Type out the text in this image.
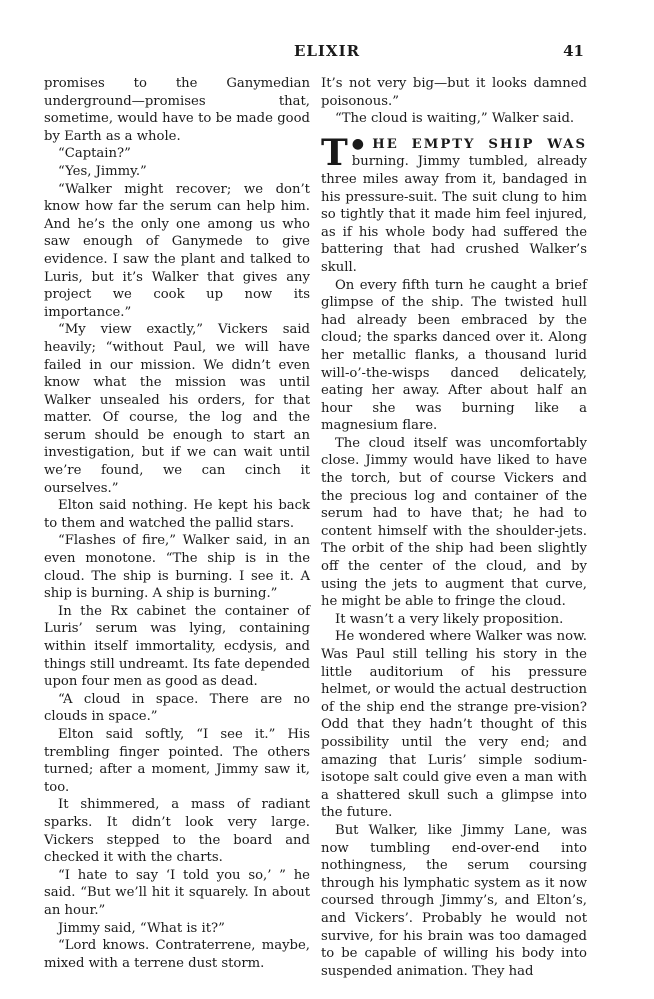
ELIXIR	41

promises to the Ganymedian underground—promises that, sometime, would have to be made good by Earth as a whole.

“Captain?”

“Yes, Jimmy.”

“Walker might recover; we don’t know how far the serum can help him. And he’s the only one among us who saw enough of Ganymede to give evidence. I saw the plant and talked to Luris, but it’s Walker that gives any project we cook up now its importance.”

“My view exactly,” Vickers said heavily; “without Paul, we will have failed in our mission. We didn’t even know what the mission was until Walker unsealed his orders, for that matter. Of course, the log and the serum should be enough to start an investigation, but if we can wait until we’re found, we can cinch it ourselves.”

Elton said nothing. He kept his back to them and watched the pallid stars.

“Flashes of fire,” Walker said, in an even monotone. “The ship is in the cloud. The ship is burning. I see it. A ship is burning. A ship is burning.”

In the Rx cabinet the container of Luris’ serum was lying, containing within itself immortality, ecdysis, and things still undreamt. Its fate depended upon four men as good as dead.

“A cloud in space. There are no clouds in space.”

Elton said softly, “I see it.” His trembling finger pointed. The others turned; after a moment, Jimmy saw it, too.

It shimmered, a mass of radiant sparks. It didn’t look very large. Vickers stepped to the board and checked it with the charts.

“I hate to say ‘I told you so,’ ” he said. “But we’ll hit it squarely. In about an hour.”

Jimmy said, “What is it?”

“Lord knows. Contraterrene, maybe, mixed with a terrene dust storm.

It’s not very big—but it looks damned poisonous.”

“The cloud is waiting,” Walker said.

●
T HE EMPTY SHIP WAS burning. Jimmy tumbled, already three miles away from it, bandaged in his pressure-suit. The suit clung to him so tightly that it made him feel injured, as if his whole body had suffered the battering that had crushed Walker’s skull.

On every fifth turn he caught a brief glimpse of the ship. The twisted hull had already been embraced by the cloud; the sparks danced over it. Along her metallic flanks, a thousand lurid will-o’-the-wisps danced delicately, eating her away. After about half an hour she was burning like a magnesium flare.

The cloud itself was uncomfortably close. Jimmy would have liked to have the torch, but of course Vickers and the precious log and container of the serum had to have that; he had to content himself with the shoulder-jets. The orbit of the ship had been slightly off the center of the cloud, and by using the jets to augment that curve, he might be able to fringe the cloud.

It wasn’t a very likely proposition.

He wondered where Walker was now. Was Paul still telling his story in the little auditorium of his pressure helmet, or would the actual destruction of the ship end the strange pre-vision? Odd that they hadn’t thought of this possibility until the very end; and amazing that Luris’ simple sodium-isotope salt could give even a man with a shattered skull such a glimpse into the future.

But Walker, like Jimmy Lane, was now tumbling end-over-end into nothingness, the serum coursing through his lymphatic system as it now coursed through Jimmy’s, and Elton’s, and Vickers’. Probably he would not survive, for his brain was too damaged to be capable of willing his body into suspended animation. They had
